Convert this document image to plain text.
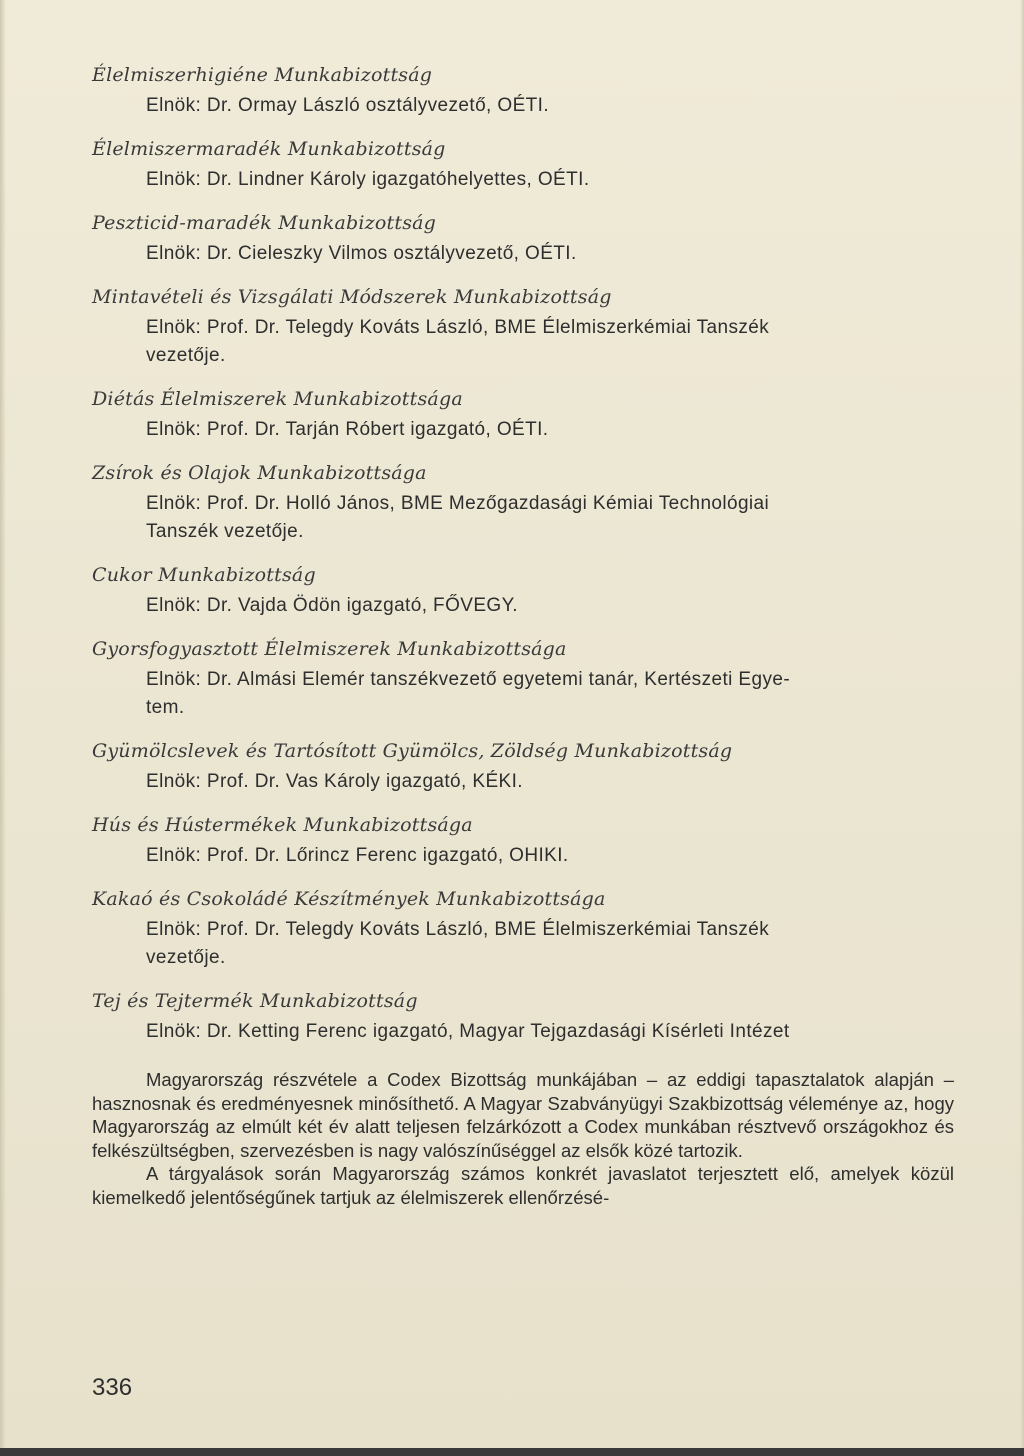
Élelmiszerhigiéne Munkabizottság
Elnök: Dr. Ormay László osztályvezető, OÉTI.
Élelmiszermaradék Munkabizottság
Elnök: Dr. Lindner Károly igazgatóhelyettes, OÉTI.
Peszticid-maradék Munkabizottság
Elnök: Dr. Cieleszky Vilmos osztályvezető, OÉTI.
Mintavételi és Vizsgálati Módszerek Munkabizottság
Elnök: Prof. Dr. Telegdy Kováts László, BME Élelmiszerkémiai Tanszék
vezetője.
Diétás Élelmiszerek Munkabizottsága
Elnök: Prof. Dr. Tarján Róbert igazgató, OÉTI.
Zsírok és Olajok Munkabizottsága
Elnök: Prof. Dr. Holló János, BME Mezőgazdasági Kémiai Technológiai
Tanszék vezetője.
Cukor Munkabizottság
Elnök: Dr. Vajda Ödön igazgató, FŐVEGY.
Gyorsfogyasztott Élelmiszerek Munkabizottsága
Elnök: Dr. Almási Elemér tanszékvezető egyetemi tanár, Kertészeti Egye-
tem.
Gyümölcslevek és Tartósított Gyümölcs, Zöldség Munkabizottság
Elnök: Prof. Dr. Vas Károly igazgató, KÉKI.
Hús és Hústermékek Munkabizottsága
Elnök: Prof. Dr. Lőrincz Ferenc igazgató, OHIKI.
Kakaó és Csokoládé Készítmények Munkabizottsága
Elnök: Prof. Dr. Telegdy Kováts László, BME Élelmiszerkémiai Tanszék
vezetője.
Tej és Tejtermék Munkabizottság
Elnök: Dr. Ketting Ferenc igazgató, Magyar Tejgazdasági Kísérleti Intézet

Magyarország részvétele a Codex Bizottság munkájában – az eddigi tapasztalatok alapján – hasznosnak és eredményesnek minősíthető. A Magyar Szabványügyi Szakbizottság véleménye az, hogy Magyarország az elmúlt két év alatt teljesen felzárkózott a Codex munkában résztvevő országokhoz és felkészültségben, szervezésben is nagy valószínűséggel az elsők közé tartozik.

A tárgyalások során Magyarország számos konkrét javaslatot terjesztett elő, amelyek közül kiemelkedő jelentőségűnek tartjuk az élelmiszerek ellenőrzésé-

336
